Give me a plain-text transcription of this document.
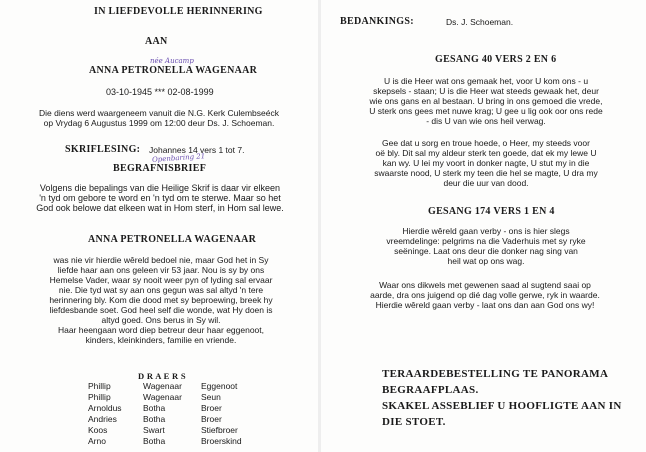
IN LIEFDEVOLLE HERINNERING
AAN
née Aucamp
ANNA PETRONELLA WAGENAAR
03-10-1945 *** 02-08-1999
Die diens werd waargeneem vanuit die N.G. Kerk Culembseéck
op Vrydag 6 Augustus 1999 om 12:00 deur Ds. J. Schoeman.
SKRIFLESING: Johannes 14 vers 1 tot 7.
Openbaring 21
BEGRAFNISBRIEF
Volgens die bepalings van die Heilige Skrif is daar vir elkeen
'n tyd om gebore te word en 'n tyd om te sterwe. Maar so het
God ook belowe dat elkeen wat in Hom sterf, in Hom sal lewe.
ANNA PETRONELLA WAGENAAR
was nie vir hierdie wêreld bedoel nie, maar God het in Sy
liefde haar aan ons geleen vir 53 jaar. Nou is sy by ons
Hemelse Vader, waar sy nooit weer pyn of lyding sal ervaar
nie. Die tyd wat sy aan ons gegun was sal altyd 'n tere
herinnering bly. Kom die dood met sy beproewing, breek hy
liefdesbande soet. God heel self die wonde, wat Hy doen is
altyd goed. Ons berus in Sy wil.
Haar heengaan word diep betreur deur haar eggenoot,
kinders, kleinkinders, familie en vriende.
D R A E R S
Phillip	Wagenaar Eggenoot
Phillip	Wagenaar Seun
Arnoldus	Botha	Broer
Andries	Botha	Broer
Koos	Swart	Stiefbroer
Arno	Botha	Broerskind
BEDANKINGS:	Ds. J. Schoeman.
GESANG 40 VERS 2 EN 6
U is die Heer wat ons gemaak het, voor U kom ons - u
skepsels - staan; U is die Heer wat steeds gewaak het, deur
wie ons gans en al bestaan. U bring in ons gemoed die vrede,
U sterk ons gees met nuwe krag; U gee u lig ook oor ons rede
- dis U van wie ons heil verwag.
Gee dat u sorg en troue hoede, o Heer, my steeds voor
oë bly. Dit sal my aldeur sterk ten goede, dat ek my lewe U
kan wy. U lei my voort in donker nagte, U stut my in die
swaarste nood, U sterk my teen die hel se magte, U dra my
deur die uur van dood.
GESANG 174 VERS 1 EN 4
Hierdie wêreld gaan verby - ons is hier slegs
vreemdelinge: pelgrims na die Vaderhuis met sy ryke
seëninge. Laat ons deur die donker nag sing van
heil wat op ons wag.
Waar ons dikwels met gewenen saad al sugtend saai op
aarde, dra ons juigend op dié dag volle gerwe, ryk in waarde.
Hierdie wêreld gaan verby - laat ons dan aan God ons wy!
TERAARDEBESTELLING TE PANORAMA
BEGRAAFPLAAS.
SKAKEL ASSEBLIEF U HOOFLIGTE AAN IN
DIE STOET.
